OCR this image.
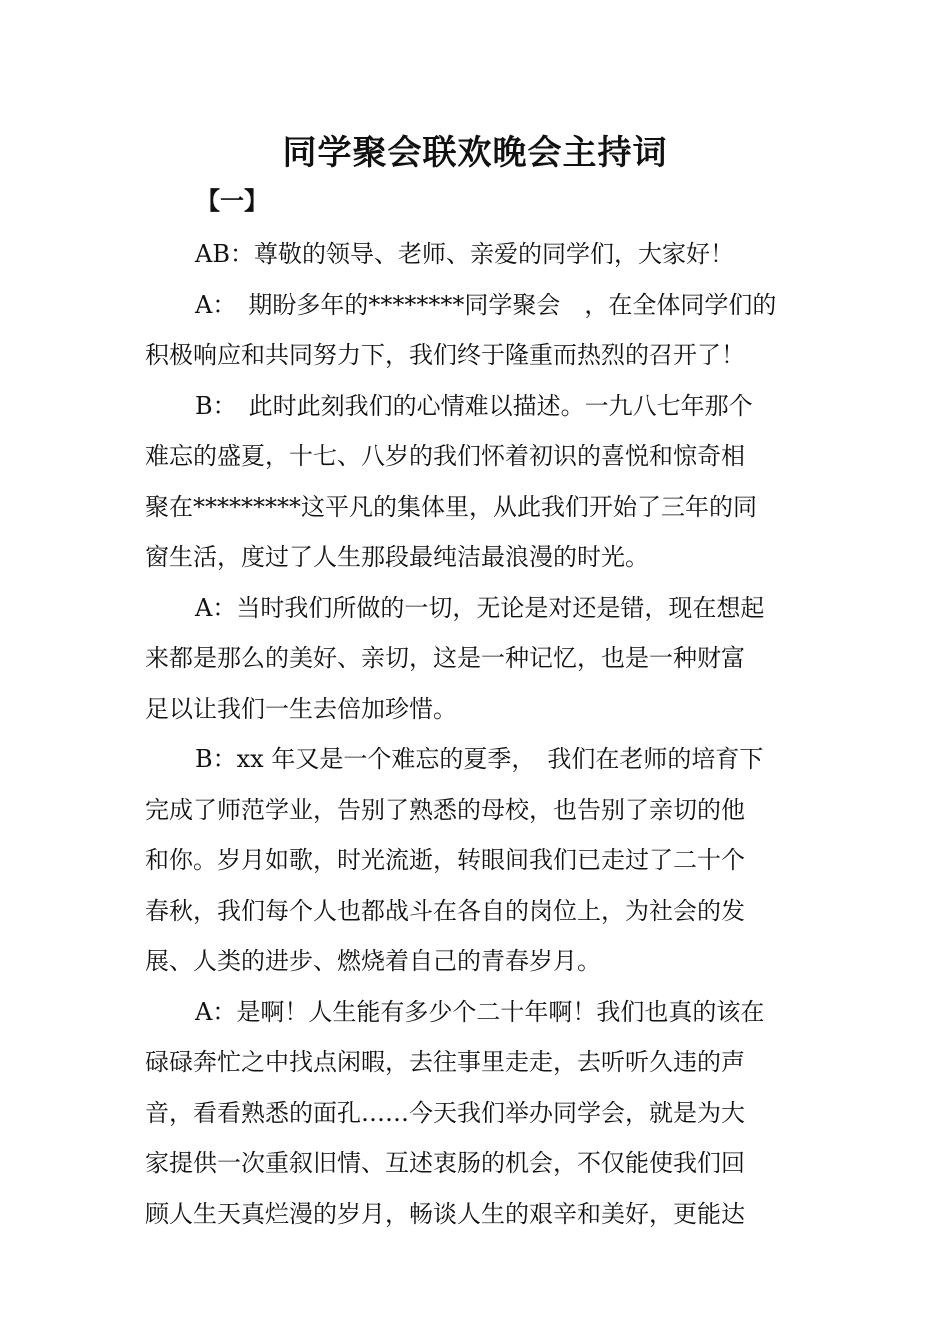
同学聚会联欢晚会主持词
【一】

AB：尊敬的领导、老师、亲爱的同学们，大家好！

A：　期盼多年的********同学聚会　，在全体同学们的
积极响应和共同努力下，我们终于隆重而热烈的召开了！

B：　此时此刻我们的心情难以描述。一九八七年那个
难忘的盛夏，十七、八岁的我们怀着初识的喜悦和惊奇相
聚在*********这平凡的集体里，从此我们开始了三年的同
窗生活，度过了人生那段最纯洁最浪漫的时光。

A：当时我们所做的一切，无论是对还是错，现在想起
来都是那么的美好、亲切，这是一种记忆，也是一种财富
足以让我们一生去倍加珍惜。

B：xx 年又是一个难忘的夏季，　我们在老师的培育下
完成了师范学业，告别了熟悉的母校，也告别了亲切的他
和你。岁月如歌，时光流逝，转眼间我们已走过了二十个
春秋，我们每个人也都战斗在各自的岗位上，为社会的发
展、人类的进步、燃烧着自己的青春岁月。

A：是啊！人生能有多少个二十年啊！我们也真的该在
碌碌奔忙之中找点闲暇，去往事里走走，去听听久违的声
音，看看熟悉的面孔……今天我们举办同学会，就是为大
家提供一次重叙旧情、互述衷肠的机会，不仅能使我们回
顾人生天真烂漫的岁月，畅谈人生的艰辛和美好，更能达
